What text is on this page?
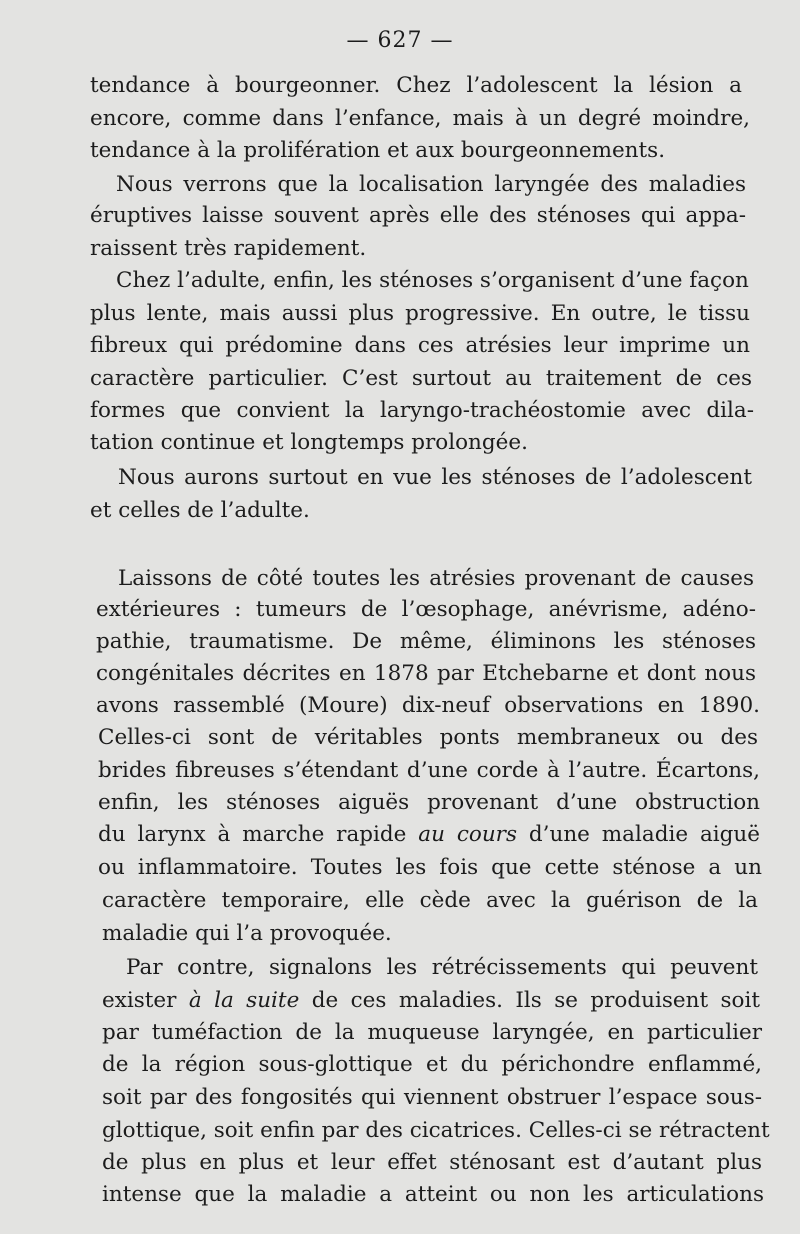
— 627 —
tendance à bourgeonner. Chez l’adolescent la lésion a
encore, comme dans l’enfance, mais à un degré moindre,
tendance à la prolifération et aux bourgeonnements.
Nous verrons que la localisation laryngée des maladies
éruptives laisse souvent après elle des sténoses qui appa-
raissent très rapidement.
Chez l’adulte, enfin, les sténoses s’organisent d’une façon
plus lente, mais aussi plus progressive. En outre, le tissu
fibreux qui prédomine dans ces atrésies leur imprime un
caractère particulier. C’est surtout au traitement de ces
formes que convient la laryngo-trachéostomie avec dila-
tation continue et longtemps prolongée.
Nous aurons surtout en vue les sténoses de l’adolescent
et celles de l’adulte.
Laissons de côté toutes les atrésies provenant de causes
extérieures : tumeurs de l’œsophage, anévrisme, adéno-
pathie, traumatisme. De même, éliminons les sténoses
congénitales décrites en 1878 par Etchebarne et dont nous
avons rassemblé (Moure) dix-neuf observations en 1890.
Celles-ci sont de véritables ponts membraneux ou des
brides fibreuses s’étendant d’une corde à l’autre. Écartons,
enfin, les sténoses aiguës provenant d’une obstruction
du larynx à marche rapide au cours d’une maladie aiguë
ou inflammatoire. Toutes les fois que cette sténose a un
caractère temporaire, elle cède avec la guérison de la
maladie qui l’a provoquée.
Par contre, signalons les rétrécissements qui peuvent
exister à la suite de ces maladies. Ils se produisent soit
par tuméfaction de la muqueuse laryngée, en particulier
de la région sous-glottique et du périchondre enflammé,
soit par des fongosités qui viennent obstruer l’espace sous-
glottique, soit enfin par des cicatrices. Celles-ci se rétractent
de plus en plus et leur effet sténosant est d’autant plus
intense que la maladie a atteint ou non les articulations
